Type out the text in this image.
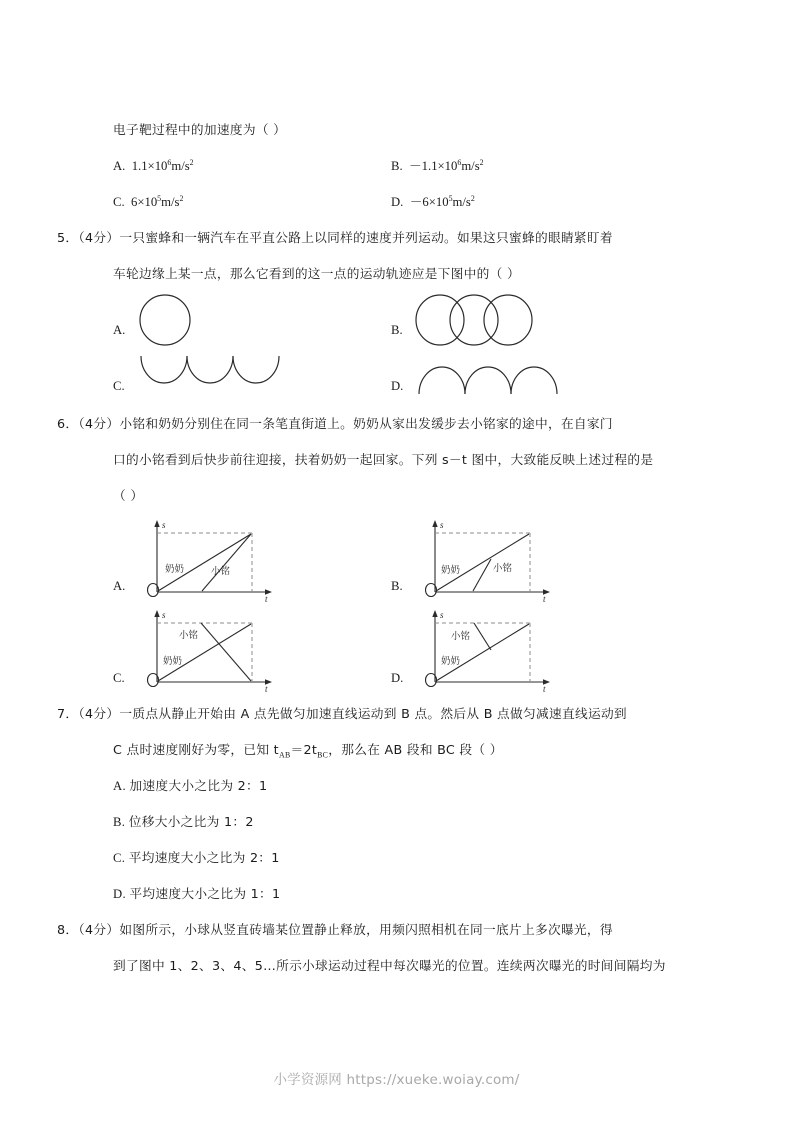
电子靶过程中的加速度为（ ）
A. $1.1\times 10^6m/s^2$	B. $-1.1\times 10^6m/s^2$
C. $6\times 10^5m/s^2$	D. $-6\times 10^5m/s^2$
5．（4分）一只蜜蜂和一辆汽车在平直公路上以同样的速度并列运动。如果这只蜜蜂的眼睛紧盯着
车轮边缘上某一点，那么它看到的这一点的运动轨迹应是下图中的（ ）
A.	B.
C.	D.
6．（4分）小铭和奶奶分别住在同一条笔直街道上。奶奶从家出发缓步去小铭家的途中，在自家门
口的小铭看到后快步前往迎接，扶着奶奶一起回家。下列 s－t 图中，大致能反映上述过程的是
（ ）
A.
s
t
奶奶	小铭
B.
s
t
奶奶	小铭
C.
s
t
奶奶
小铭
D.
s
t
奶奶
小铭
7．（4分）一质点从静止开始由 A 点先做匀加速直线运动到 B 点。然后从 B 点做匀减速直线运动到
C 点时速度刚好为零，已知 $t_{AB}=2t_{BC}$，那么在 AB 段和 BC 段（ ）
A. 加速度大小之比为 2：1
B. 位移大小之比为 1：2
C. 平均速度大小之比为 2：1
D. 平均速度大小之比为 1：1
8．（4分）如图所示，小球从竖直砖墙某位置静止释放，用频闪照相机在同一底片上多次曝光，得
到了图中 1、2、3、4、5…所示小球运动过程中每次曝光的位置。连续两次曝光的时间间隔均为
小学资源网 https://xueke.woiay.com/
